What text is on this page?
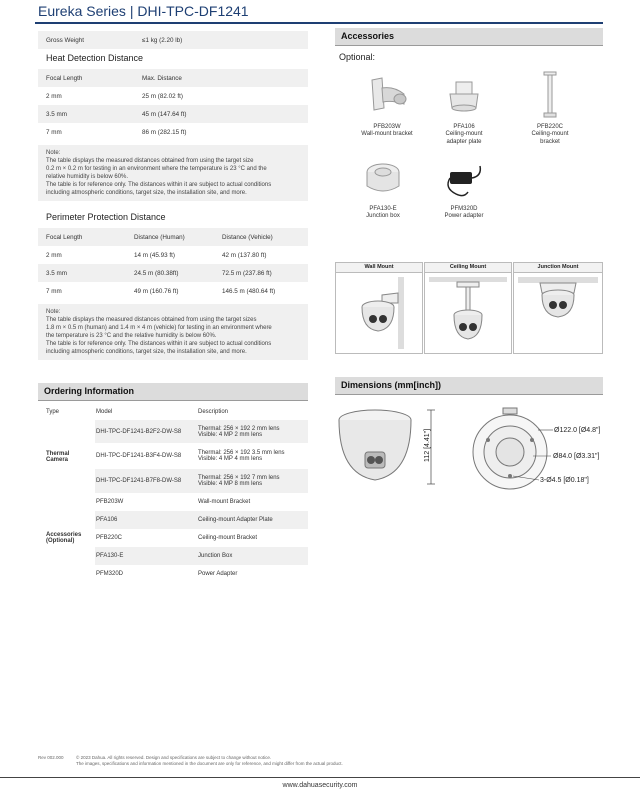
Eureka Series | DHI-TPC-DF1241
Gross Weight	≤1 kg (2.20 lb)
Heat Detection Distance
Focal Length	Max. Distance
2 mm	25 m (82.02 ft)
3.5 mm	45 m (147.64 ft)
7 mm	86 m (282.15 ft)
Note:
The table displays the measured distances obtained from using the target size
0.2 m × 0.2 m for testing in an environment where the temperature is 23 °C and the
relative humidity is below 60%.
The table is for reference only. The distances within it are subject to actual conditions
including atmospheric conditions, target size, the installation site, and more.
Perimeter Protection Distance
Focal Length	Distance (Human)	Distance (Vehicle)
2 mm	14 m (45.93 ft)	42 m (137.80 ft)
3.5 mm	24.5 m (80.38ft)	72.5 m (237.86 ft)
7 mm	49 m (160.76 ft)	146.5 m (480.64 ft)
Note:
The table displays the measured distances obtained from using the target sizes
1.8 m × 0.5 m (human) and 1.4 m × 4 m (vehicle) for testing in an environment where
the temperature is 23 °C and the relative humidity is below 60%.
The table is for reference only. The distances within it are subject to actual conditions
including atmospheric conditions, target size, the installation site, and more.
Ordering Information
Type	Model	Description
Thermal Camera	DHI-TPC-DF1241-B2F2-DW-S8	Thermal: 256 × 192 2 mm lens
Visible: 4 MP 2 mm lens

	DHI-TPC-DF1241-B3F4-DW-S8	Thermal: 256 × 192 3.5 mm lens
Visible: 4 MP 4 mm lens

	DHI-TPC-DF1241-B7F8-DW-S8	Thermal: 256 × 192 7 mm lens
Visible: 4 MP 8 mm lens

Accessories (Optional)	PFB203W	Wall-mount Bracket
	PFA106	Ceiling-mount Adapter Plate
	PFB220C	Ceiling-mount Bracket
	PFA130-E	Junction Box
	PFM320D	Power Adapter
Accessories
Optional:
PFB203W
Wall-mount bracket
PFA106
Ceiling-mount adapter plate
PFB220C
Ceiling-mount bracket
PFA130-E
Junction box
PFM320D
Power adapter
Wall Mount	Ceiling Mount	Junction Mount
Dimensions (mm[inch])
112 [4.41"]	Ø122.0 [Ø4.8"]
Ø84.0 [Ø3.31"]
3-Ø4.5 [Ø0.18"]
Rev 002.000	© 2023 Dahua. All rights reserved. Design and specifications are subject to change without notice.
The images, specifications and information mentioned in the document are only for reference, and might differ from the actual product.
www.dahuasecurity.com
